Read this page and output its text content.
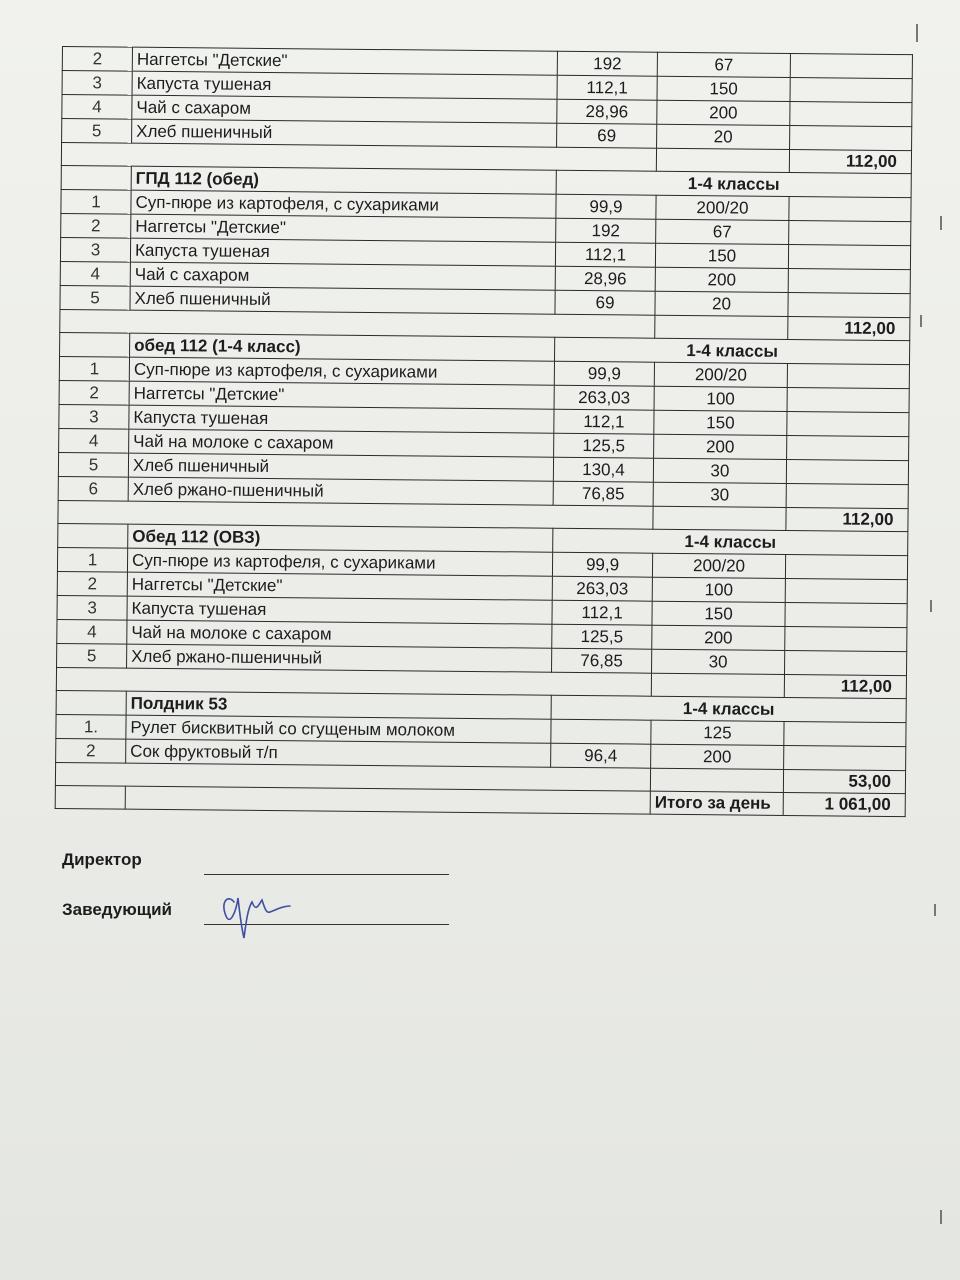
2	Наггетсы "Детские"	192	67	
3	Капуста тушеная	112,1	150	
4	Чай с сахаром	28,96	200	
5	Хлеб пшеничный	69	20	
				112,00
	ГПД 112 (обед)	1-4 классы		
1	Суп-пюре из картофеля, с сухариками	99,9	200/20	
2	Наггетсы "Детские"	192	67	
3	Капуста тушеная	112,1	150	
4	Чай с сахаром	28,96	200	
5	Хлеб пшеничный	69	20	
				112,00
	обед 112 (1-4 класс)	1-4 классы		
1	Суп-пюре из картофеля, с сухариками	99,9	200/20	
2	Наггетсы "Детские"	263,03	100	
3	Капуста тушеная	112,1	150	
4	Чай на молоке с сахаром	125,5	200	
5	Хлеб пшеничный	130,4	30	
6	Хлеб ржано-пшеничный	76,85	30	
				112,00
	Обед 112 (ОВЗ)	1-4 классы		
1	Суп-пюре из картофеля, с сухариками	99,9	200/20	
2	Наггетсы "Детские"	263,03	100	
3	Капуста тушеная	112,1	150	
4	Чай на молоке с сахаром	125,5	200	
5	Хлеб ржано-пшеничный	76,85	30	
				112,00
	Полдник 53	1-4 классы		
1.	Рулет бисквитный со сгущеным молоком		125	
2	Сок фруктовый т/п	96,4	200	
				53,00
			Итого за день	1 061,00
Директор
Заведующий
